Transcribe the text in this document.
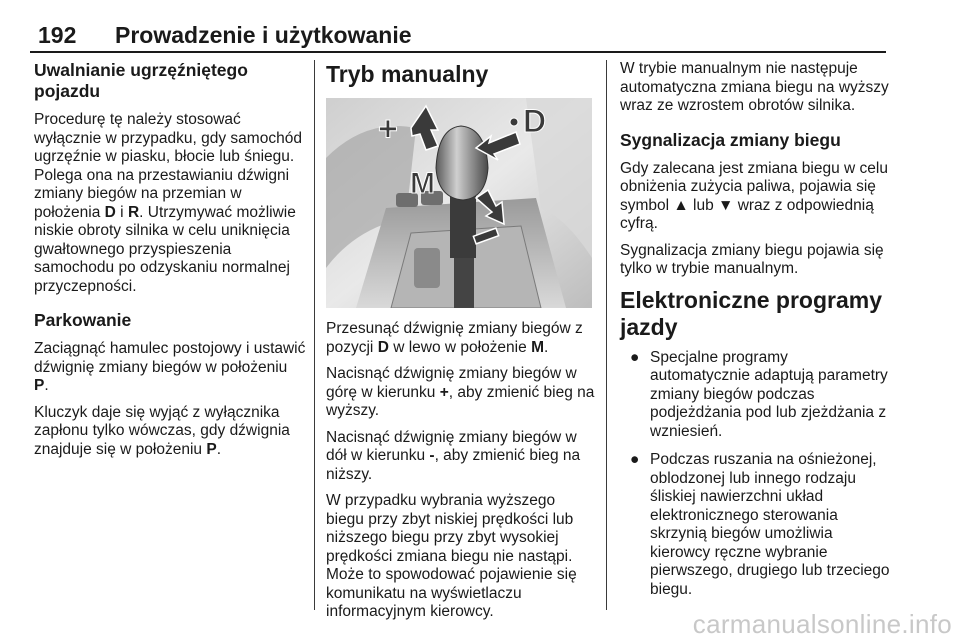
192 Prowadzenie i użytkowanie
Uwalnianie ugrzęźniętego pojazdu

Procedurę tę należy stosować wyłącznie w przypadku, gdy samochód ugrzęźnie w piasku, błocie lub śniegu. Polega ona na przestawianiu dźwigni zmiany biegów na przemian w położenia D i R. Utrzymywać możliwie niskie obroty silnika w celu uniknięcia gwałtownego przyspieszenia samochodu po odzyskaniu normalnej przyczepności.

Parkowanie

Zaciągnąć hamulec postojowy i ustawić dźwignię zmiany biegów w położeniu P.

Kluczyk daje się wyjąć z wyłącznika zapłonu tylko wówczas, gdy dźwignia znajduje się w położeniu P.

Tryb manualny
M
+	D

Przesunąć dźwignię zmiany biegów z pozycji D w lewo w położenie M.

Nacisnąć dźwignię zmiany biegów w górę w kierunku +, aby zmienić bieg na wyższy.

Nacisnąć dźwignię zmiany biegów w dół w kierunku -, aby zmienić bieg na niższy.

W przypadku wybrania wyższego biegu przy zbyt niskiej prędkości lub niższego biegu przy zbyt wysokiej prędkości zmiana biegu nie nastąpi. Może to spowodować pojawienie się komunikatu na wyświetlaczu informacyjnym kierowcy.

W trybie manualnym nie następuje automatyczna zmiana biegu na wyższy wraz ze wzrostem obrotów silnika.

Sygnalizacja zmiany biegu

Gdy zalecana jest zmiana biegu w celu obniżenia zużycia paliwa, pojawia się symbol ▲ lub ▼ wraz z odpowiednią cyfrą.

Sygnalizacja zmiany biegu pojawia się tylko w trybie manualnym.

Elektroniczne programy jazdy
● Specjalne programy automatycznie adaptują parametry zmiany biegów podczas podjeżdżania pod lub zjeżdżania z wzniesień.
● Podczas ruszania na ośnieżonej, oblodzonej lub innego rodzaju śliskiej nawierzchni układ elektronicznego sterowania skrzynią biegów umożliwia kierowcy ręczne wybranie pierwszego, drugiego lub trzeciego biegu.
carmanualsonline.info
